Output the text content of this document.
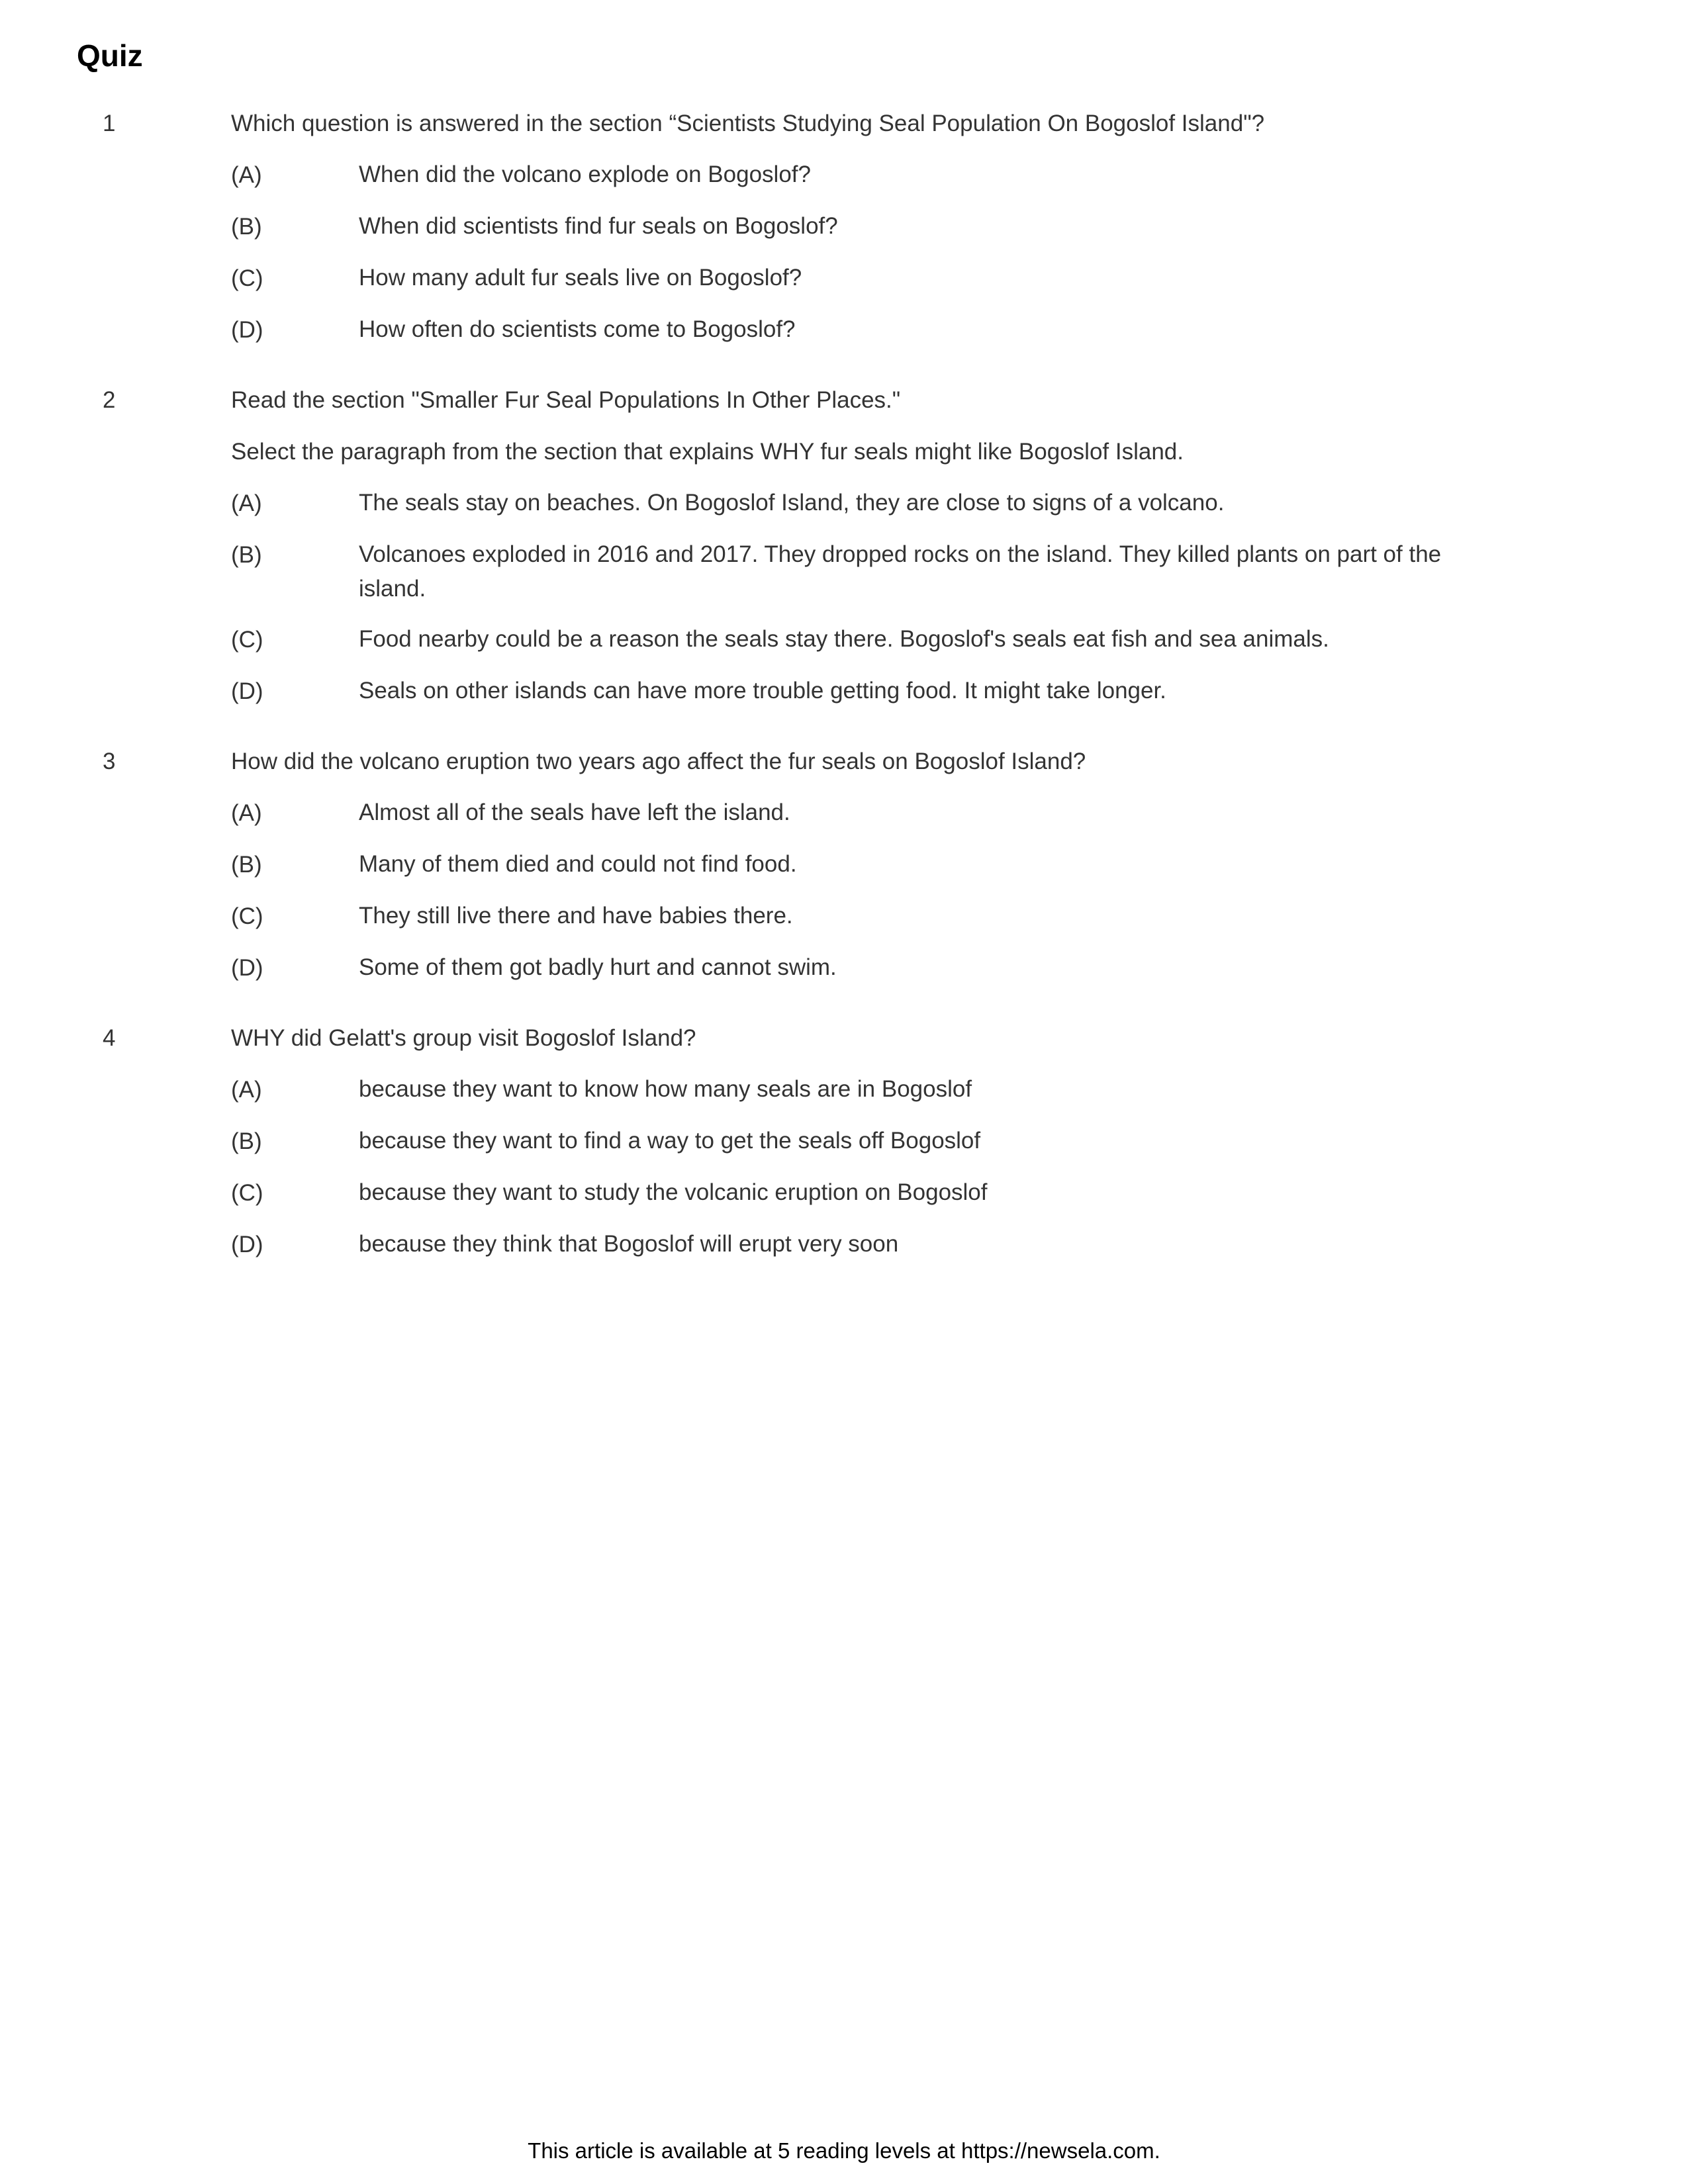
Quiz
1	Which question is answered in the section “Scientists Studying Seal Population On Bogoslof Island"?
(A)	When did the volcano explode on Bogoslof?
(B)	When did scientists find fur seals on Bogoslof?
(C)	How many adult fur seals live on Bogoslof?
(D)	How often do scientists come to Bogoslof?
2	Read the section "Smaller Fur Seal Populations In Other Places."
Select the paragraph from the section that explains WHY fur seals might like Bogoslof Island.
(A)	The seals stay on beaches. On Bogoslof Island, they are close to signs of a volcano.
(B)	Volcanoes exploded in 2016 and 2017. They dropped rocks on the island. They killed plants on part of the island.
(C)	Food nearby could be a reason the seals stay there. Bogoslof's seals eat fish and sea animals.
(D)	Seals on other islands can have more trouble getting food. It might take longer.
3	How did the volcano eruption two years ago affect the fur seals on Bogoslof Island?
(A)	Almost all of the seals have left the island.
(B)	Many of them died and could not find food.
(C)	They still live there and have babies there.
(D)	Some of them got badly hurt and cannot swim.
4	WHY did Gelatt's group visit Bogoslof Island?
(A)	because they want to know how many seals are in Bogoslof
(B)	because they want to find a way to get the seals off Bogoslof
(C)	because they want to study the volcanic eruption on Bogoslof
(D)	because they think that Bogoslof will erupt very soon
This article is available at 5 reading levels at https://newsela.com.
